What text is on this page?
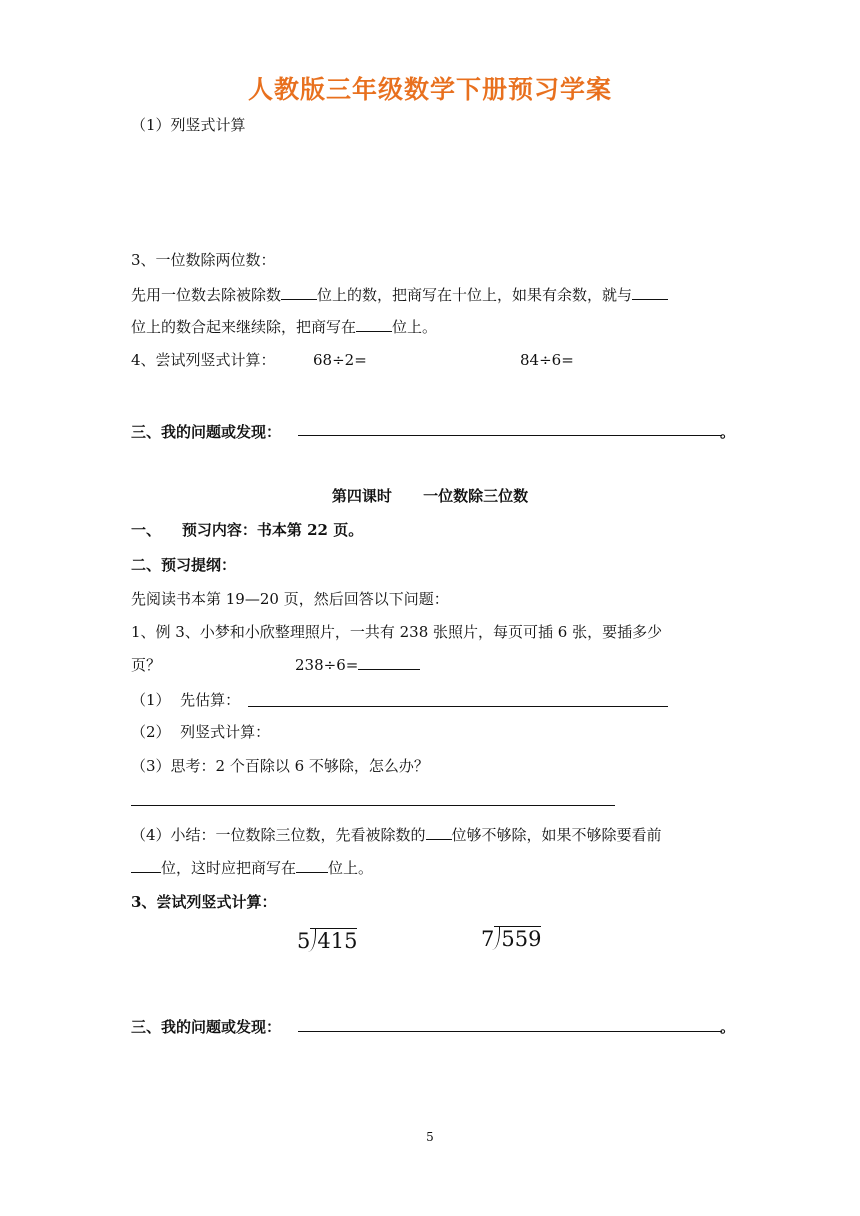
人教版三年级数学下册预习学案
（1）列竖式计算
3、一位数除两位数：
先用一位数去除被除数 位上的数，把商写在十位上，如果有余数，就与
位上的数合起来继续除，把商写在 位上。
4、尝试列竖式计算： 68÷2=	84÷6=
三、我的问题或发现：	。
第四课时      一位数除三位数
一、    预习内容：书本第 22 页。
二、预习提纲：
先阅读书本第 19—20 页，然后回答以下问题：
1、例 3、小梦和小欣整理照片，一共有 238 张照片，每页可插 6 张，要插多少
页？	238÷6=
（1）  先估算：
（2）  列竖式计算：
（3）思考：2 个百除以 6 不够除，怎么办？
（4）小结：一位数除三位数，先看被除数的 位够不够除，如果不够除要看前
位，这时应把商写在 位上。
3、尝试列竖式计算：
5 415	7 559
三、我的问题或发现：	。
5
